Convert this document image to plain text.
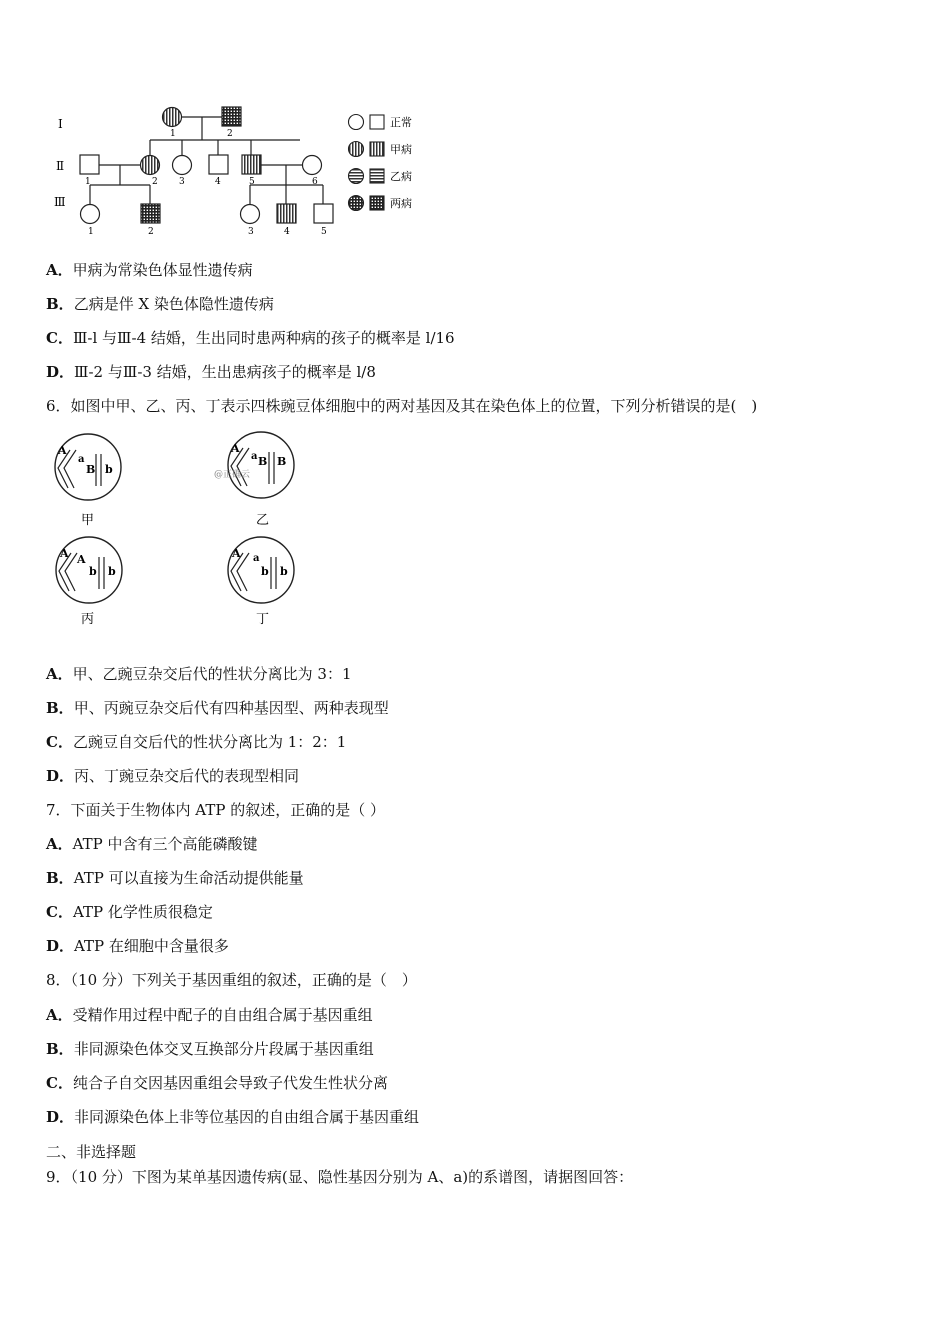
Ⅰ
Ⅱ
Ⅲ
1	2
1	2 3	4	5	6
1	2	3	4	5
正常
甲病
乙病
两病
A．甲病为常染色体显性遗传病
B．乙病是伴 X 染色体隐性遗传病
C．Ⅲ-l 与Ⅲ-4 结婚，生出同时患两种病的孩子的概率是 l/16
D．Ⅲ-2 与Ⅲ-3 结婚，生出患病孩子的概率是 l/8
6．如图中甲、乙、丙、丁表示四株豌豆体细胞中的两对基因及其在染色体上的位置，下列分析错误的是(　)
A
a
B b
甲
A
a B B
@正确云
乙
A A
b b
丙
A a
b b
丁
A．甲、乙豌豆杂交后代的性状分离比为 3：1
B．甲、丙豌豆杂交后代有四种基因型、两种表现型
C．乙豌豆自交后代的性状分离比为 1：2：1
D．丙、丁豌豆杂交后代的表现型相同
7．下面关于生物体内 ATP 的叙述，正确的是（ ）
A．ATP 中含有三个高能磷酸键
B．ATP 可以直接为生命活动提供能量
C．ATP 化学性质很稳定
D．ATP 在细胞中含量很多
8．（10 分）下列关于基因重组的叙述，正确的是（　）
A．受精作用过程中配子的自由组合属于基因重组
B．非同源染色体交叉互换部分片段属于基因重组
C．纯合子自交因基因重组会导致子代发生性状分离
D．非同源染色体上非等位基因的自由组合属于基因重组
二、非选择题
9．（10 分）下图为某单基因遗传病(显、隐性基因分别为 A、a)的系谱图，请据图回答：
